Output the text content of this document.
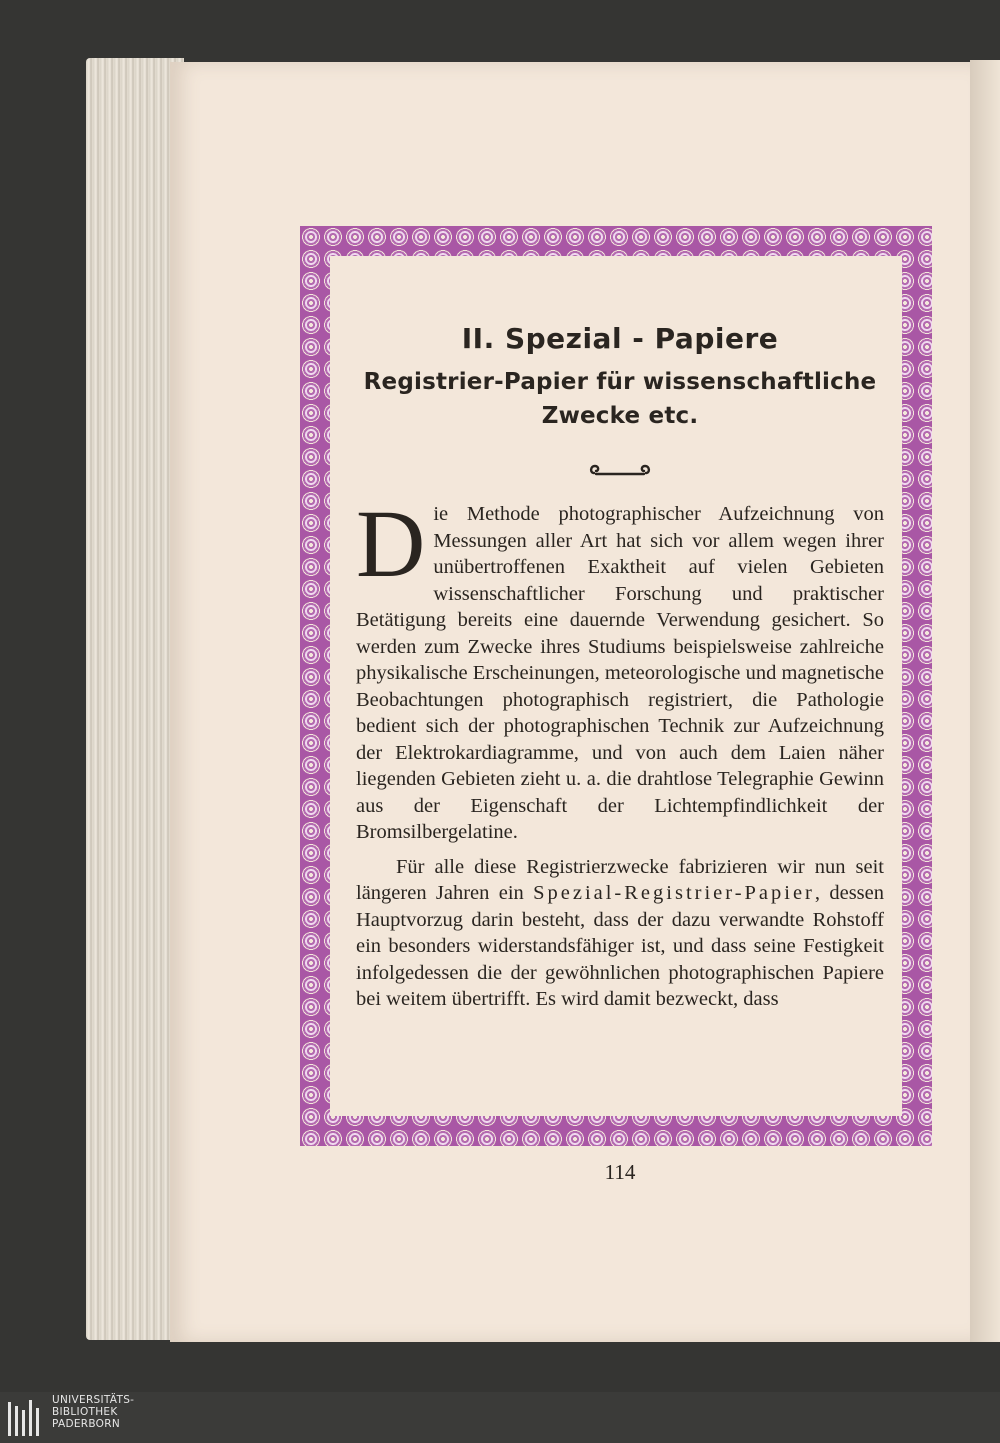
II. Spezial - Papiere
Registrier-Papier für wissenschaftliche
Zwecke etc.

Die Methode photographischer Aufzeichnung von Messungen aller Art hat sich vor allem wegen ihrer unübertroffenen Exaktheit auf vielen Gebieten wissenschaftlicher Forschung und praktischer Betätigung bereits eine dauernde Verwendung gesichert. So werden zum Zwecke ihres Studiums beispielsweise zahlreiche physikalische Erscheinungen, meteorologische und magnetische Beobachtungen photographisch registriert, die Pathologie bedient sich der photographischen Technik zur Aufzeichnung der Elektrokardiagramme, und von auch dem Laien näher liegenden Gebieten zieht u. a. die drahtlose Telegraphie Gewinn aus der Eigenschaft der Lichtempfindlichkeit der Bromsilbergelatine.

Für alle diese Registrierzwecke fabrizieren wir nun seit längeren Jahren ein Spezial-Registrier-Papier, dessen Hauptvorzug darin besteht, dass der dazu verwandte Rohstoff ein besonders widerstandsfähiger ist, und dass seine Festigkeit infolgedessen die der gewöhnlichen photographischen Papiere bei weitem übertrifft. Es wird damit bezweckt, dass

114
UNIVERSITÄTS-
BIBLIOTHEK
PADERBORN
